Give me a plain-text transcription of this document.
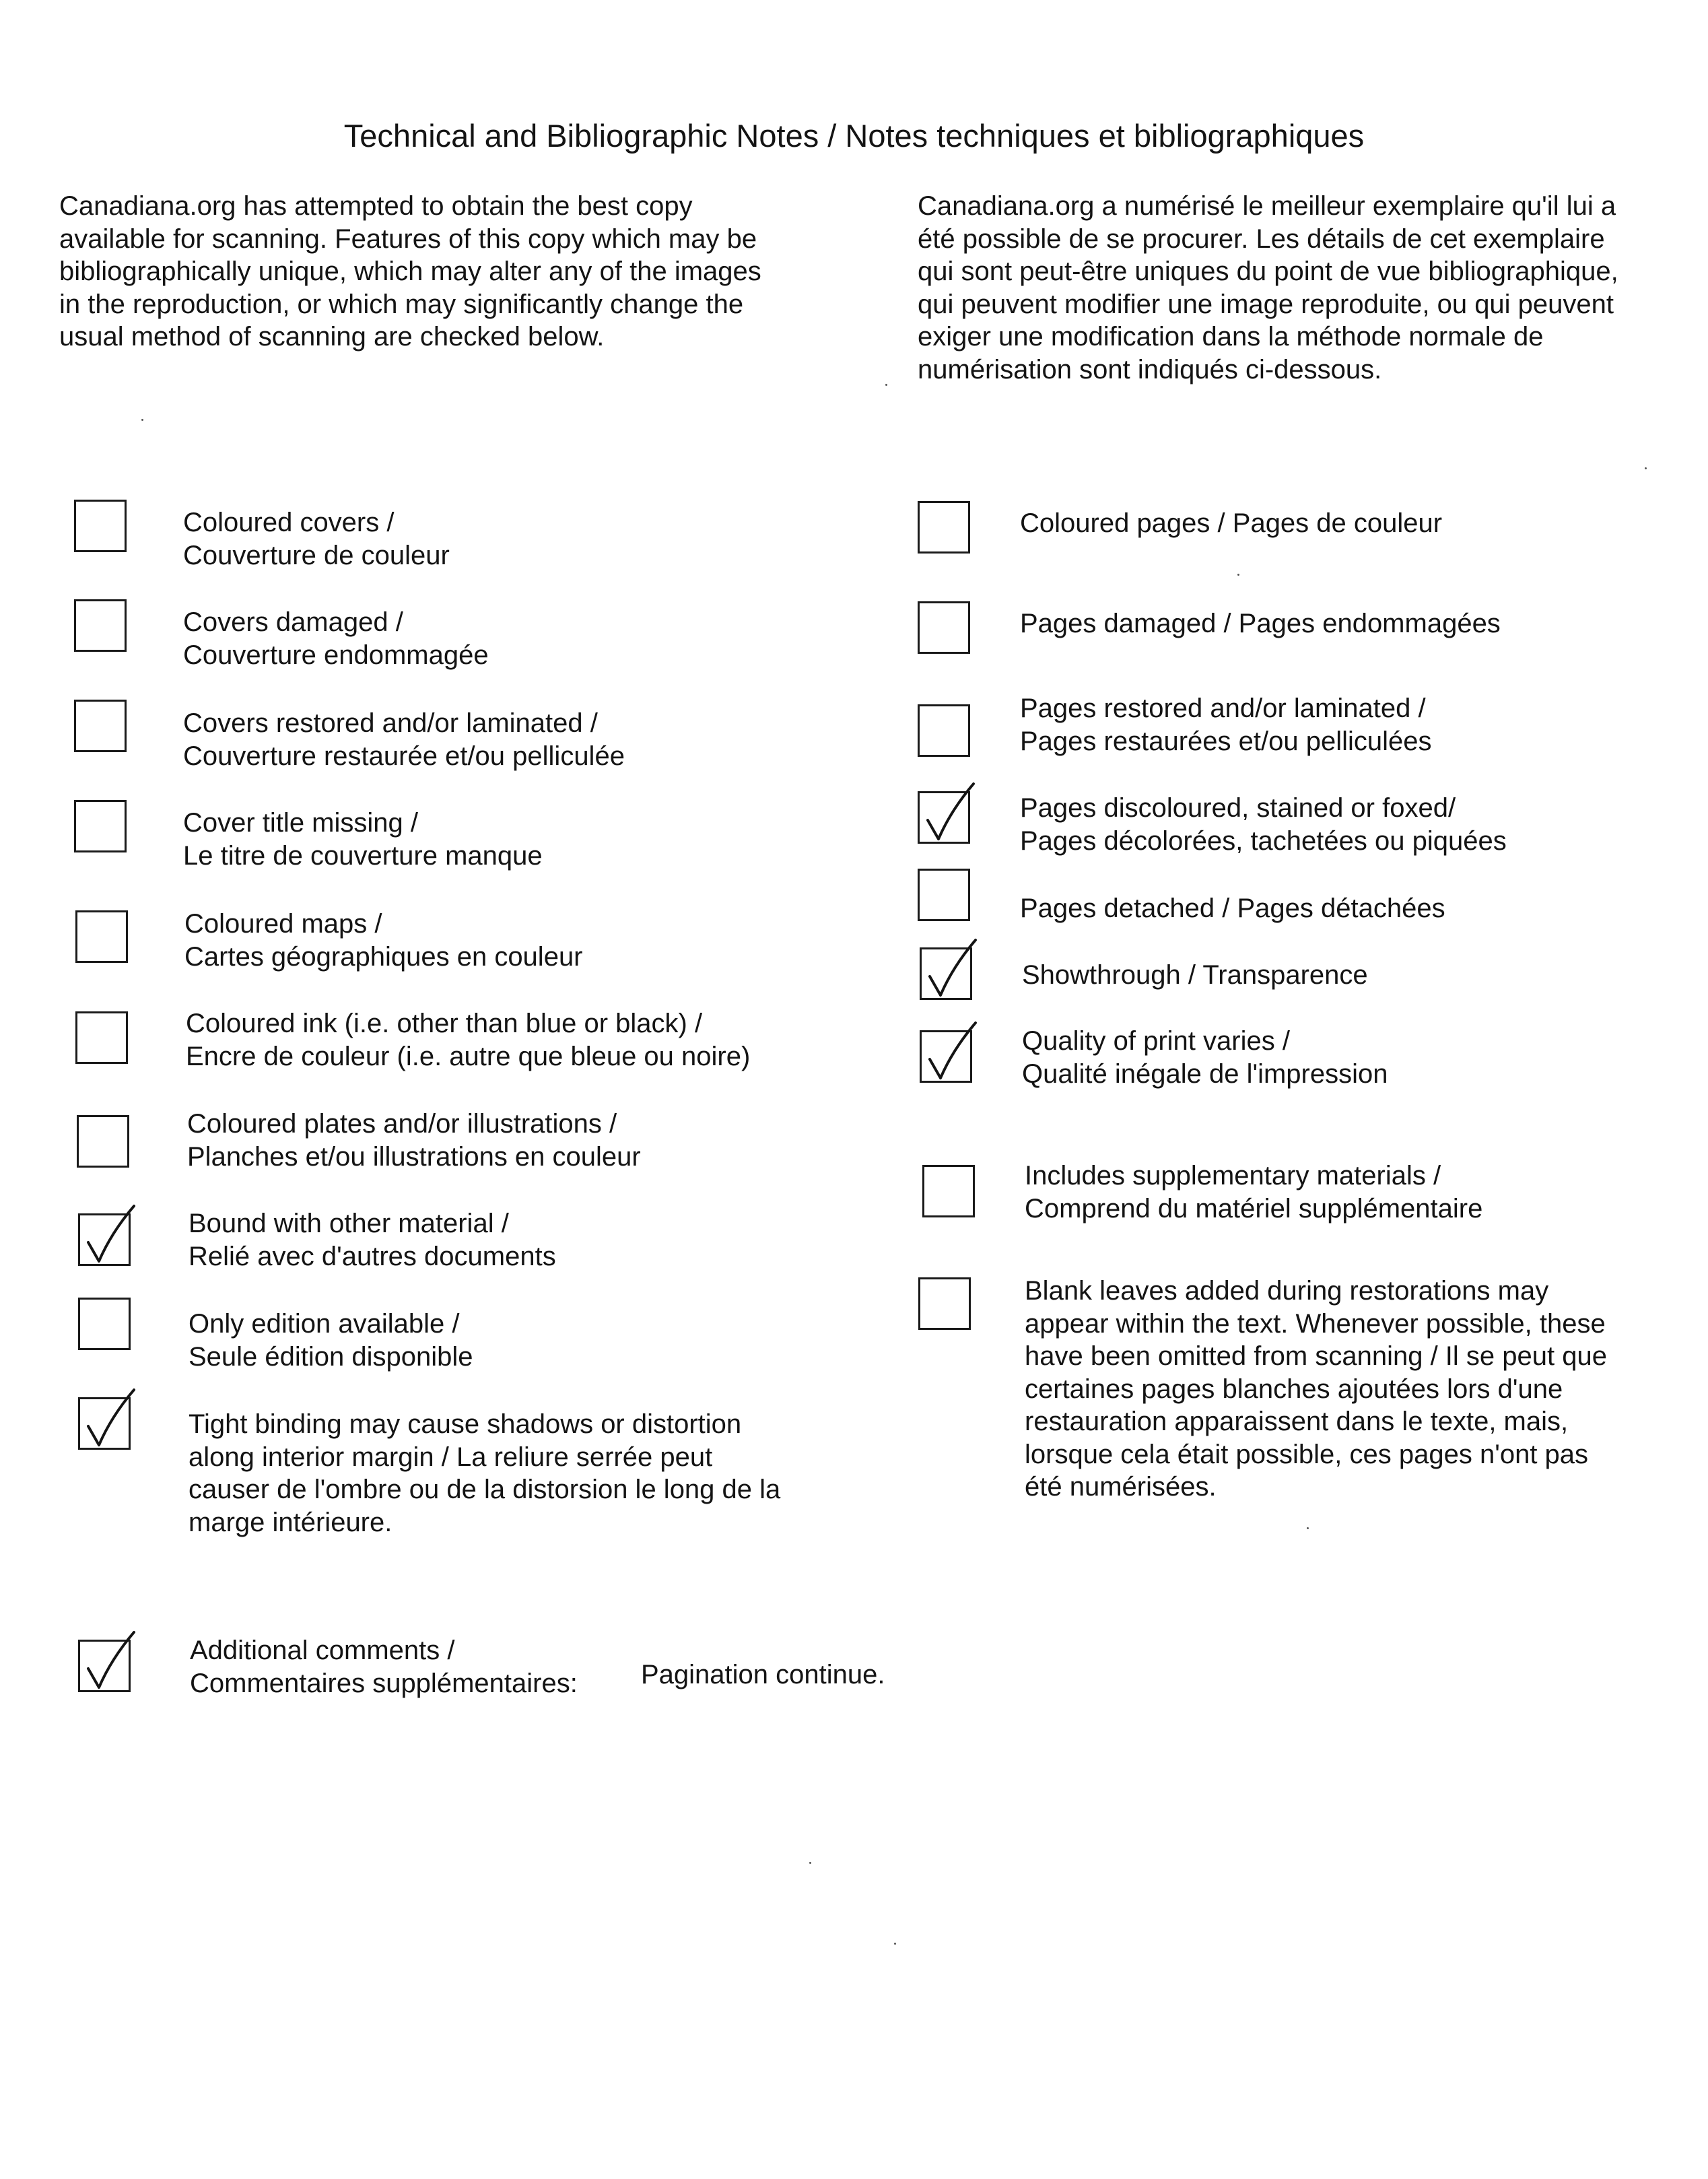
Technical and Bibliographic Notes / Notes techniques et bibliographiques
Canadiana.org has attempted to obtain the best copy
available for scanning. Features of this copy which may be
bibliographically unique, which may alter any of the images
in the reproduction, or which may significantly change the
usual method of scanning are checked below.
Canadiana.org a numérisé le meilleur exemplaire qu'il lui a
été possible de se procurer. Les détails de cet exemplaire
qui sont peut-être uniques du point de vue bibliographique,
qui peuvent modifier une image reproduite, ou qui peuvent
exiger une modification dans la méthode normale de
numérisation sont indiqués ci-dessous.
Coloured covers /
Couverture de couleur
Covers damaged /
Couverture endommagée
Covers restored and/or laminated /
Couverture restaurée et/ou pelliculée
Cover title missing /
Le titre de couverture manque
Coloured maps /
Cartes géographiques en couleur
Coloured ink (i.e. other than blue or black) /
Encre de couleur (i.e. autre que bleue ou noire)
Coloured plates and/or illustrations /
Planches et/ou illustrations en couleur
Bound with other material /
Relié avec d'autres documents
Only edition available /
Seule édition disponible
Tight binding may cause shadows or distortion
along interior margin / La reliure serrée peut
causer de l'ombre ou de la distorsion le long de la
marge intérieure.
Coloured pages / Pages de couleur
Pages damaged / Pages endommagées
Pages restored and/or laminated /
Pages restaurées et/ou pelliculées
Pages discoloured, stained or foxed/
Pages décolorées, tachetées ou piquées
Pages detached / Pages détachées
Showthrough / Transparence
Quality of print varies /
Qualité inégale de l'impression
Includes supplementary materials /
Comprend du matériel supplémentaire
Blank leaves added during restorations may
appear within the text. Whenever possible, these
have been omitted from scanning / Il se peut que
certaines pages blanches ajoutées lors d'une
restauration apparaissent dans le texte, mais,
lorsque cela était possible, ces pages n'ont pas
été numérisées.
Additional comments /
Commentaires supplémentaires: Pagination continue.
